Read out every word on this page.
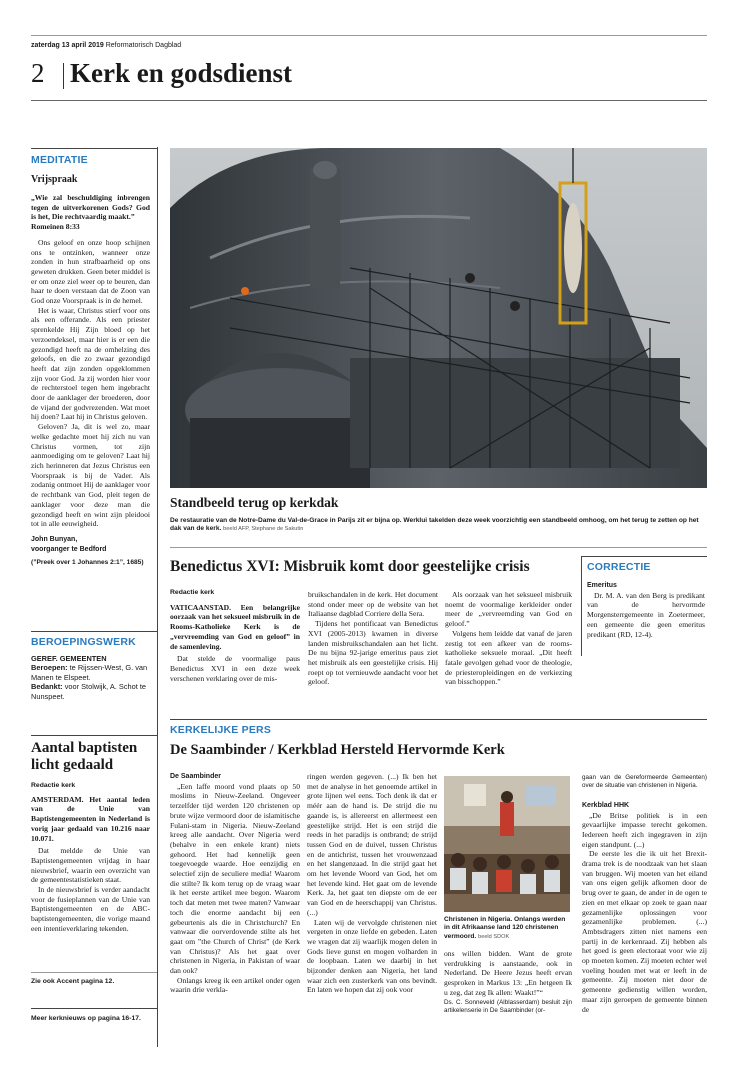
zaterdag 13 april 2019 Reformatorisch Dagblad
2 Kerk en godsdienst
MEDITATIE
Vrijspraak

„Wie zal beschuldiging inbrengen tegen de uitverkorenen Gods? God is het, Die rechtvaardig maakt.”

Romeinen 8:33

Ons geloof en onze hoop schijnen ons te ontzinken, wanneer onze zonden in hun strafbaarheid op ons geweten drukken. Geen beter middel is er om onze ziel weer op te beuren, dan haar te doen verstaan dat de Zoon van God onze Voorspraak is in de hemel.

Het is waar, Christus stierf voor ons als een offerande. Als een priester sprenkelde Hij Zijn bloed op het verzoendeksel, maar hier is er een die gezondigd heeft na de omhelzing des geloofs, en die zo zwaar gezondigd heeft dat zijn zonden opgeklommen zijn voor God. Ja zij worden hier voor de rechterstoel tegen hem ingebracht door de aanklager der broederen, door de vijand der godvrezenden. Wat moet hij doen? Laat hij in Christus geloven.

Geloven? Ja, dit is wel zo, maar welke gedachte moet hij zich nu van Christus vormen, tot zijn aanmoediging om te geloven? Laat hij zich herinneren dat Jezus Christus een Voorspraak is bij de Vader. Als zodanig ontmoet Hij de aanklager voor de rechtbank van God, pleit tegen de aanklager voor deze man die gezondigd heeft en wint zijn pleidooi tot in alle eeuwigheid.

John Bunyan,

voorganger te Bedford

(”Preek over 1 Johannes 2:1”, 1685)

BEROEPINGSWERK

GEREF. GEMEENTEN

Beroepen: te Rijssen-West, G. van Manen te Elspeet.

Bedankt: voor Stolwijk, A. Schot te Nunspeet.

Aantal baptisten licht gedaald

Redactie kerk

AMSTERDAM. Het aantal leden van de Unie van Baptistengemeenten in Nederland is vorig jaar gedaald van 10.216 naar 10.071.

Dat meldde de Unie van Baptistengemeenten vrijdag in haar nieuwsbrief, waarin een overzicht van de gemeentestatistieken staat.

In de nieuwsbrief is verder aandacht voor de fusieplannen van de Unie van Baptistengemeenten en de ABC-baptistengemeenten, die vorige maand een intentieverklaring tekenden.

Zie ook Accent pagina 12.
Meer kerknieuws op pagina 16-17.
Standbeeld terug op kerkdak
De restauratie van de Notre-Dame du Val-de-Grace in Parijs zit er bijna op. Werklui takelden deze week voorzichtig een standbeeld omhoog, om het terug te zetten op het dak van de kerk. beeld AFP, Stephane de Sakutin
Benedictus XVI: Misbruik komt door geestelijke crisis

Redactie kerk

VATICAANSTAD. Een belangrijke oorzaak van het seksueel misbruik in de Rooms-Katholieke Kerk is de „vervreemding van God en geloof” in de samenleving.

Dat stelde de voormalige paus Benedictus XVI in een deze week verschenen verklaring over de mis-

bruikschandalen in de kerk. Het document stond onder meer op de website van het Italiaanse dagblad Corriere della Sera.

Tijdens het pontificaat van Benedictus XVI (2005-2013) kwamen in diverse landen misbruikschandalen aan het licht. De nu bijna 92-jarige emeritus paus ziet het misbruik als een geestelijke crisis. Hij roept op tot vernieuwde aandacht voor het geloof.

Als oorzaak van het seksueel misbruik noemt de voormalige kerkleider onder meer de „vervreemding van God en geloof.”

Volgens hem leidde dat vanaf de jaren zestig tot een afkeer van de rooms-katholieke seksuele moraal. „Dit heeft fatale gevolgen gehad voor de theologie, de priesteropleidingen en de verkiezing van bisschoppen.”

CORRECTIE

Emeritus

Dr. M. A. van den Berg is predikant van de hervormde Morgensterrgemeente in Zoetermeer, een gemeente die geen emeritus predikant (RD, 12-4).

KERKELIJKE PERS
De Saambinder / Kerkblad Hersteld Hervormde Kerk

De Saambinder

„Een laffe moord vond plaats op 50 moslims in Nieuw-Zeeland. Ongeveer terzelfder tijd werden 120 christenen op brute wijze vermoord door de islamitische Fulani-stam in Nigeria. Nieuw-Zeeland kreeg alle aandacht. Over Nigeria werd (behalve in een enkele krant) niets gehoord. Het had kennelijk geen toegevoegde waarde. Hoe eenzijdig en selectief zijn de seculiere media! Waarom die stilte? Ik kom terug op de vraag waar ik het eerste artikel mee begon. Waarom toch dat meten met twee maten? Vanwaar toch die enorme aandacht bij een gebeurtenis als die in Christchurch? En vanwaar die oorverdovende stilte als het gaat om ”the Church of Christ” (de Kerk van Christus)? Als het gaat over christenen in Nigeria, in Pakistan of waar dan ook?

Onlangs kreeg ik een artikel onder ogen waarin drie verkla-

ringen werden gegeven. (...) Ik ben het met de analyse in het genoemde artikel in grote lijnen wel eens. Toch denk ik dat er méér aan de hand is. De strijd die nu gaande is, is allereerst en allermeest een geestelijke strijd. Het is een strijd die reeds in het paradijs is ontbrand; de strijd tussen God en de duivel, tussen Christus en de antichrist, tussen het vrouwenzaad en het slangenzaad. In die strijd gaat het om het levende Woord van God, het om het levende kind. Het gaat om de levende Kerk. Ja, het gaat ten diepste om de eer van God en de heerschappij van Christus. (...)

Laten wij de vervolgde christenen niet vergeten in onze liefde en gebeden. Laten we vragen dat zij waarlijk mogen delen in Gods lieve gunst en mogen volharden in de loopbaan. Laten we daarbij in het bijzonder denken aan Nigeria, het land waar zich een zusterkerk van ons bevindt. En laten we hopen dat zij ook voor

Christenen in Nigeria. Onlangs werden in dit Afrikaanse land 120 christenen vermoord. beeld SDOK

ons willen bidden. Want de grote verdrukking is aanstaande, ook in Nederland. De Heere Jezus heeft ervan gesproken in Markus 13: „En hetgeen Ik u zeg, dat zeg Ik allen: Waakt!”“

Ds. C. Sonneveld (Alblasserdam) besluit zijn artikelenserie in De Saambinder (or-

gaan van de Gereformeerde Gemeenten) over de situatie van christenen in Nigeria.

Kerkblad HHK

„De Britse politiek is in een gevaarlijke impasse terecht gekomen. Iedereen heeft zich ingegraven in zijn eigen standpunt. (...)

De eerste les die ik uit het Brexit-drama trek is de noodzaak van het slaan van bruggen. Wij moeten van het eiland van ons eigen gelijk afkomen door de brug over te gaan, de ander in de ogen te zien en met elkaar op zoek te gaan naar gezamenlijke oplossingen voor gezamenlijke problemen. (...) Ambtsdragers zitten niet namens een partij in de kerkenraad. Zij hebben als het goed is geen electoraat voor wie zij op moeten komen. Zij moeten echter wel voeling houden met wat er leeft in de gemeente. Zij moeten niet door de gemeente gedienstig willen worden, maar zijn geroepen de gemeente binnen de
